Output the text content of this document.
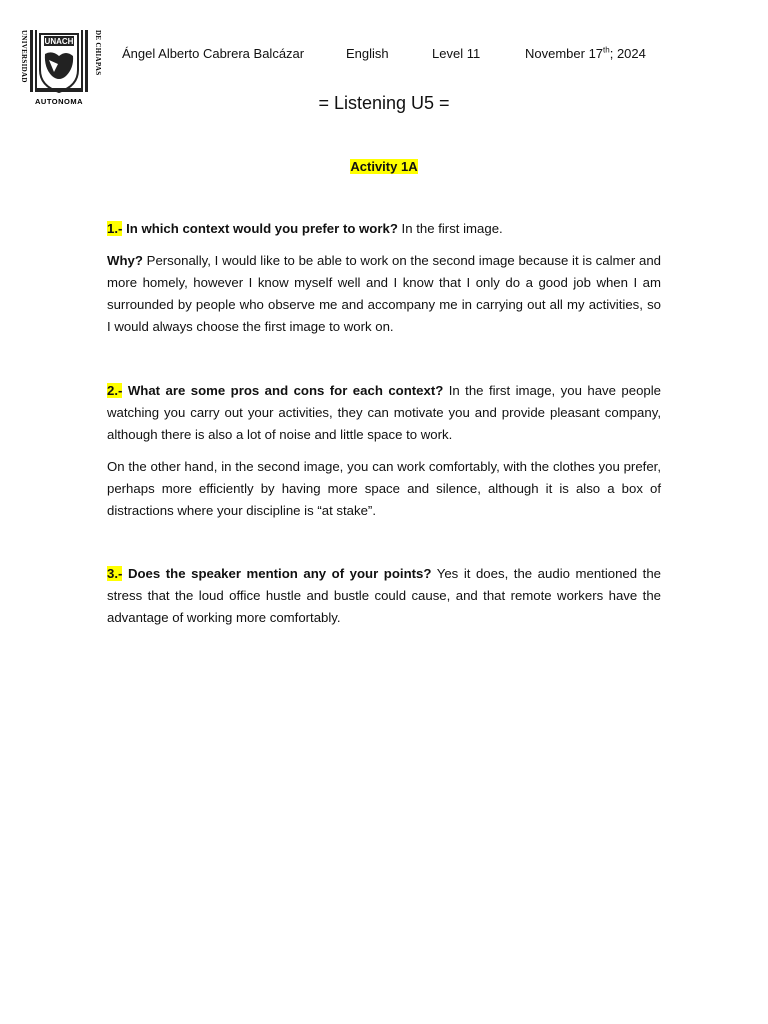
UNIVERSIDAD	DE CHIAPAS
UNACH
AUTONOMA
Ángel Alberto Cabrera Balcázar	English	Level 11	November 17th; 2024
= Listening U5 =
Activity 1A

1.- In which context would you prefer to work? In the first image.

Why? Personally, I would like to be able to work on the second image because it is calmer and more homely, however I know myself well and I know that I only do a good job when I am surrounded by people who observe me and accompany me in carrying out all my activities, so I would always choose the first image to work on.

2.- What are some pros and cons for each context? In the first image, you have people watching you carry out your activities, they can motivate you and provide pleasant company, although there is also a lot of noise and little space to work.

On the other hand, in the second image, you can work comfortably, with the clothes you prefer, perhaps more efficiently by having more space and silence, although it is also a box of distractions where your discipline is “at stake”.

3.- Does the speaker mention any of your points? Yes it does, the audio mentioned the stress that the loud office hustle and bustle could cause, and that remote workers have the advantage of working more comfortably.
